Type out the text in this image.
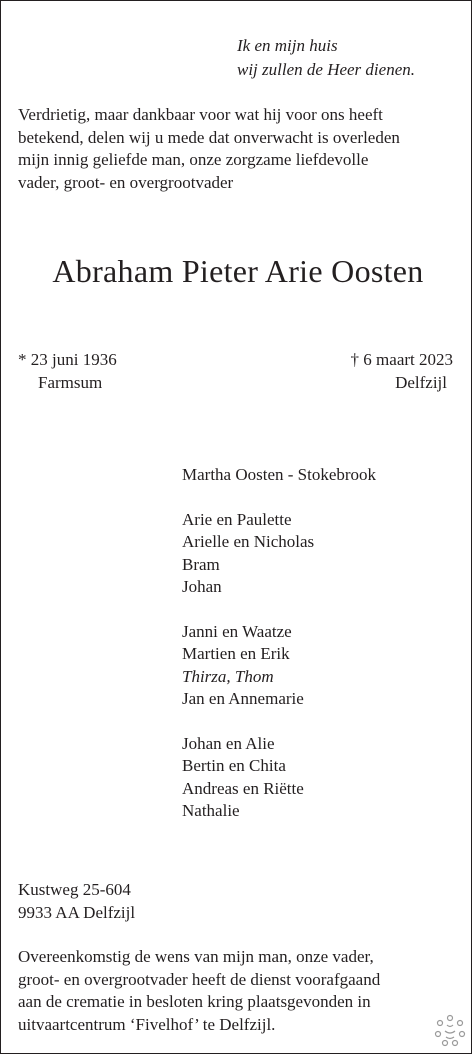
Ik en mijn huis
wij zullen de Heer dienen.
Verdrietig, maar dankbaar voor wat hij voor ons heeft
betekend, delen wij u mede dat onverwacht is overleden
mijn innig geliefde man, onze zorgzame liefdevolle
vader, groot- en overgrootvader
Abraham Pieter Arie Oosten
* 23 juni 1936
Farmsum
† 6 maart 2023
Delfzijl
Martha Oosten - Stokebrook
Arie en Paulette
Arielle en Nicholas
Bram
Johan
Janni en Waatze
Martien en Erik
Thirza, Thom
Jan en Annemarie
Johan en Alie
Bertin en Chita
Andreas en Riëtte
Nathalie
Kustweg 25-604
9933 AA Delfzijl
Overeenkomstig de wens van mijn man, onze vader,
groot- en overgrootvader heeft de dienst voorafgaand
aan de crematie in besloten kring plaatsgevonden in
uitvaartcentrum ‘Fivelhof’ te Delfzijl.
